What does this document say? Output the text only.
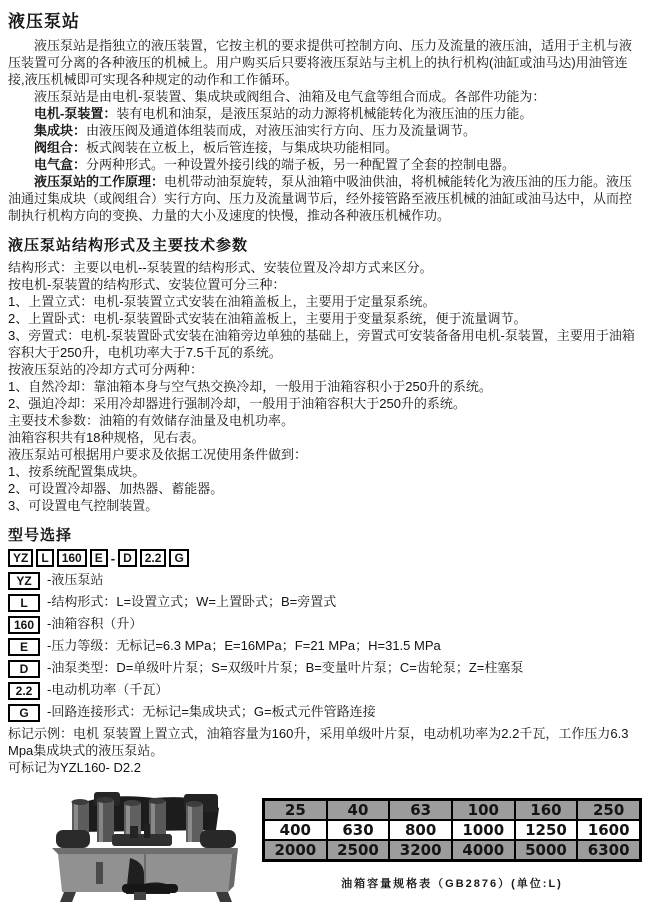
液压泵站

液压泵站是指独立的液压装置，它按主机的要求提供可控制方向、压力及流量的液压油，适用于主机与液压装置可分离的各种液压的机械上。用户购买后只要将液压泵站与主机上的执行机构(油缸或油马达)用油管连接,液压机械即可实现各种规定的动作和工作循环。

液压泵站是由电机-泵装置、集成块或阀组合、油箱及电气盒等组合而成。各部件功能为：

电机-泵装置：装有电机和油泵，是液压泵站的动力源将机械能转化为液压油的压力能。

集成块：由液压阀及通道体组装而成，对液压油实行方向、压力及流量调节。

阀组合：板式阀装在立板上，板后管连接，与集成块功能相同。

电气盒：分两种形式。一种设置外接引线的端子板，另一种配置了全套的控制电器。

液压泵站的工作原理：电机带动油泵旋转，泵从油箱中吸油供油，将机械能转化为液压油的压力能。液压油通过集成块（或阀组合）实行方向、压力及流量调节后，经外接管路至液压机械的油缸或油马达中，从而控制执行机构方向的变换、力量的大小及速度的快慢，推动各种液压机械作功。

液压泵站结构形式及主要技术参数

结构形式：主要以电机--泵装置的结构形式、安装位置及冷却方式来区分。

按电机-泵装置的结构形式、安装位置可分三种：

1、上置立式：电机-泵装置立式安装在油箱盖板上，主要用于定量泵系统。

2、上置卧式：电机-泵装置卧式安装在油箱盖板上，主要用于变量泵系统，便于流量调节。

3、旁置式：电机-泵装置卧式安装在油箱旁边单独的基础上，旁置式可安装备备用电机-泵装置，主要用于油箱容积大于250升，电机功率大于7.5千瓦的系统。

按液压泵站的冷却方式可分两种：

1、自然冷却：靠油箱本身与空气热交换冷却，一般用于油箱容积小于250升的系统。

2、强迫冷却：采用冷却器进行强制冷却，一般用于油箱容积大于250升的系统。

主要技术参数：油箱的有效储存油量及电机功率。

油箱容积共有18种规格，见右表。

液压泵站可根据用户要求及依据工况使用条件做到：

1、按系统配置集成块。

2、可设置冷却器、加热器、蓄能器。

3、可设置电气控制装置。

型号选择
YZ L 160 E - D 2.2 G
YZ	-液压泵站
L	-结构形式：L=设置立式；W=上置卧式；B=旁置式
160 -油箱容积（升）
E	-压力等级：无标记=6.3 MPa；E=16MPa；F=21 MPa；H=31.5 MPa
D	-油泵类型：D=单级叶片泵；S=双级叶片泵；B=变量叶片泵；C=齿轮泵；Z=柱塞泵
2.2	-电动机功率（千瓦）
G	-回路连接形式：无标记=集成块式；G=板式元件管路连接

标记示例：电机 泵装置上置立式，油箱容量为160升，采用单级叶片泵，电动机功率为2.2千瓦，工作压力6.3 Mpa集成块式的液压泵站。

可标记为YZL160- D2.2

25	40	63	100	160	250
400	630	800	1000	1250	1600
2000	2500	3200	4000	5000	6300
油箱容量规格表（GB2876）(单位:L)
